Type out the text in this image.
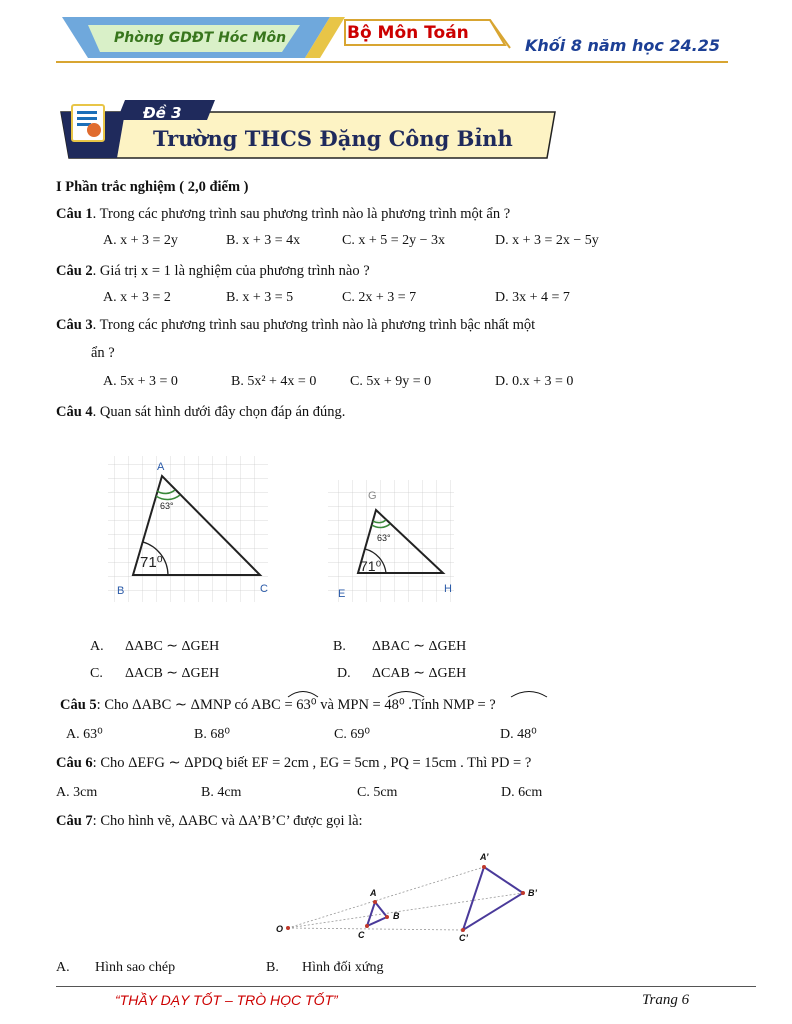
Phòng GDĐT Hóc Môn	Bộ Môn Toán
Khối 8 năm học 24.25
Đề 3
Trường THCS Đặng Công Bỉnh
I Phần trắc nghiệm ( 2,0 điểm )
Câu 1. Trong các phương trình sau phương trình nào là phương trình một ẩn ?
A. x + 3 = 2y	B. x + 3 = 4x	C. x + 5 = 2y − 3x	D. x + 3 = 2x − 5y
Câu 2. Giá trị x = 1 là nghiệm của phương trình nào ?
A. x + 3 = 2	B. x + 3 = 5	C. 2x + 3 = 7	D. 3x + 4 = 7
Câu 3. Trong các phương trình sau phương trình nào là phương trình bậc nhất một
ẩn ?
A. 5x + 3 = 0	B. 5x² + 4x = 0 C. 5x + 9y = 0	D. 0.x + 3 = 0
Câu 4. Quan sát hình dưới đây chọn đáp án đúng.
A
B	C
63°
71⁰
G
E	H
63°
71⁰
A. ΔABC ∼ ΔGEH	B. ΔBAC ∼ ΔGEH
C. ΔACB ∼ ΔGEH	D. ΔCAB ∼ ΔGEH
Câu 5: Cho ΔABC ∼ ΔMNP có ABC = 63⁰ và MPN = 48⁰ .Tính NMP = ?
A. 63⁰	B. 68⁰	C. 69⁰	D. 48⁰
Câu 6: Cho ΔEFG ∼ ΔPDQ biết EF = 2cm , EG = 5cm , PQ = 15cm . Thì PD = ?
A. 3cm	B. 4cm	C. 5cm	D. 6cm
Câu 7: Cho hình vẽ, ΔABC và ΔA’B’C’ được gọi là:
O
A
B
C
A’
B’
C’
A. Hình sao chép	B. Hình đối xứng
“THẦY DẠY TỐT – TRÒ HỌC TỐT”	Trang 6
